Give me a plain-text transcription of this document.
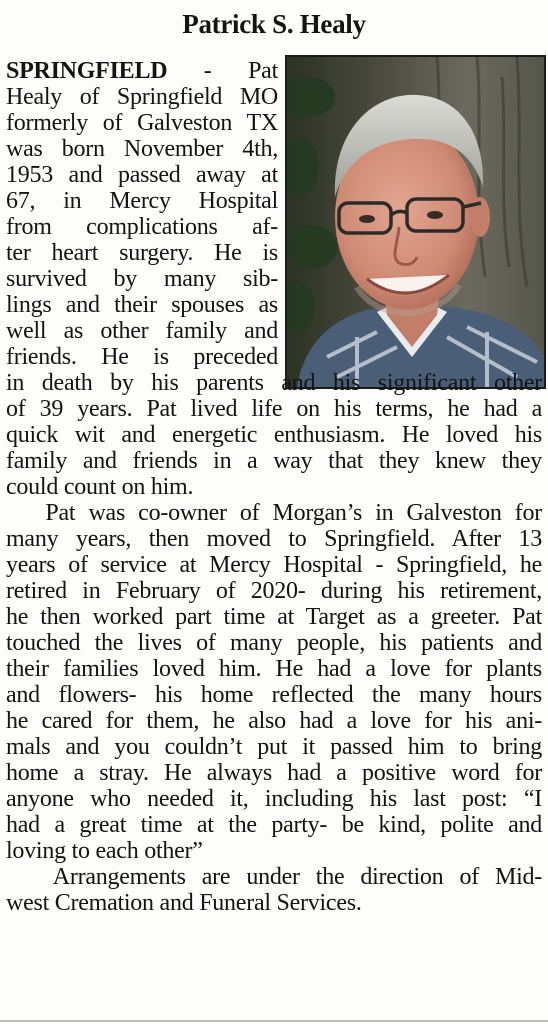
Patrick S. Healy
SPRINGFIELD - Pat
Healy of Springfield MO
formerly of Galveston TX
was born November 4th,
1953 and passed away at
67, in Mercy Hospital
from complications af-
ter heart surgery. He is
survived by many sib-
lings and their spouses as
well as other family and
friends. He is preceded
in death by his parents and his significant other
of 39 years. Pat lived life on his terms, he had a
quick wit and energetic enthusiasm. He loved his
family and friends in a way that they knew they
could count on him.
Pat was co-owner of Morgan’s in Galveston for
many years, then moved to Springfield. After 13
years of service at Mercy Hospital - Springfield, he
retired in February of 2020- during his retirement,
he then worked part time at Target as a greeter. Pat
touched the lives of many people, his patients and
their families loved him. He had a love for plants
and flowers- his home reflected the many hours
he cared for them, he also had a love for his ani-
mals and you couldn’t put it passed him to bring
home a stray. He always had a positive word for
anyone who needed it, including his last post: “I
had a great time at the party- be kind, polite and
loving to each other”
Arrangements are under the direction of Mid-
west Cremation and Funeral Services.
